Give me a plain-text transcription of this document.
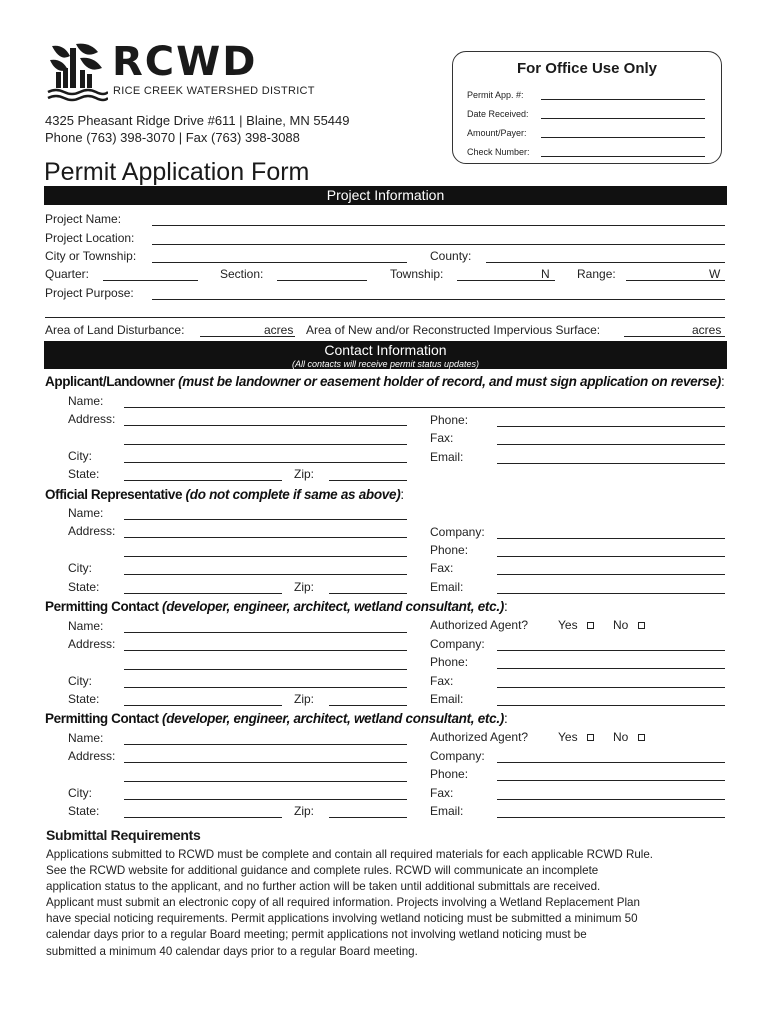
RCWD
RICE CREEK WATERSHED DISTRICT
4325 Pheasant Ridge Drive #611 | Blaine, MN 55449
Phone (763) 398-3070 | Fax (763) 398-3088
For Office Use Only
Permit App. #:
Date Received:
Amount/Payer:
Check Number:
Permit Application Form
Project Information
Project Name:
Project Location:
City or Township:	County:
Quarter:	Section:	Township:	N Range:	W
Project Purpose:
Area of Land Disturbance:	acres Area of New and/or Reconstructed Impervious Surface:	acres
Contact Information
(All contacts will receive permit status updates)
Applicant/Landowner (must be landowner or easement holder of record, and must sign application on reverse):
Name:
Address:
City:
State:	Zip:
Phone:
Fax:
Email:
Official Representative (do not complete if same as above):
Name:
Address:
City:
State:	Zip:
Company:
Phone:
Fax:
Email:
Permitting Contact (developer, engineer, architect, wetland consultant, etc.):
Name:
Address:
City:
State:	Zip:
Authorized Agent? Yes	No
Company:
Phone:
Fax:
Email:
Permitting Contact (developer, engineer, architect, wetland consultant, etc.):
Name:
Address:
City:
State:	Zip:
Authorized Agent? Yes	No
Company:
Phone:
Fax:
Email:
Submittal Requirements
Applications submitted to RCWD must be complete and contain all required materials for each applicable RCWD Rule.
See the RCWD website for additional guidance and complete rules. RCWD will communicate an incomplete
application status to the applicant, and no further action will be taken until additional submittals are received.
Applicant must submit an electronic copy of all required information. Projects involving a Wetland Replacement Plan
have special noticing requirements. Permit applications involving wetland noticing must be submitted a minimum 50
calendar days prior to a regular Board meeting; permit applications not involving wetland noticing must be
submitted a minimum 40 calendar days prior to a regular Board meeting.
